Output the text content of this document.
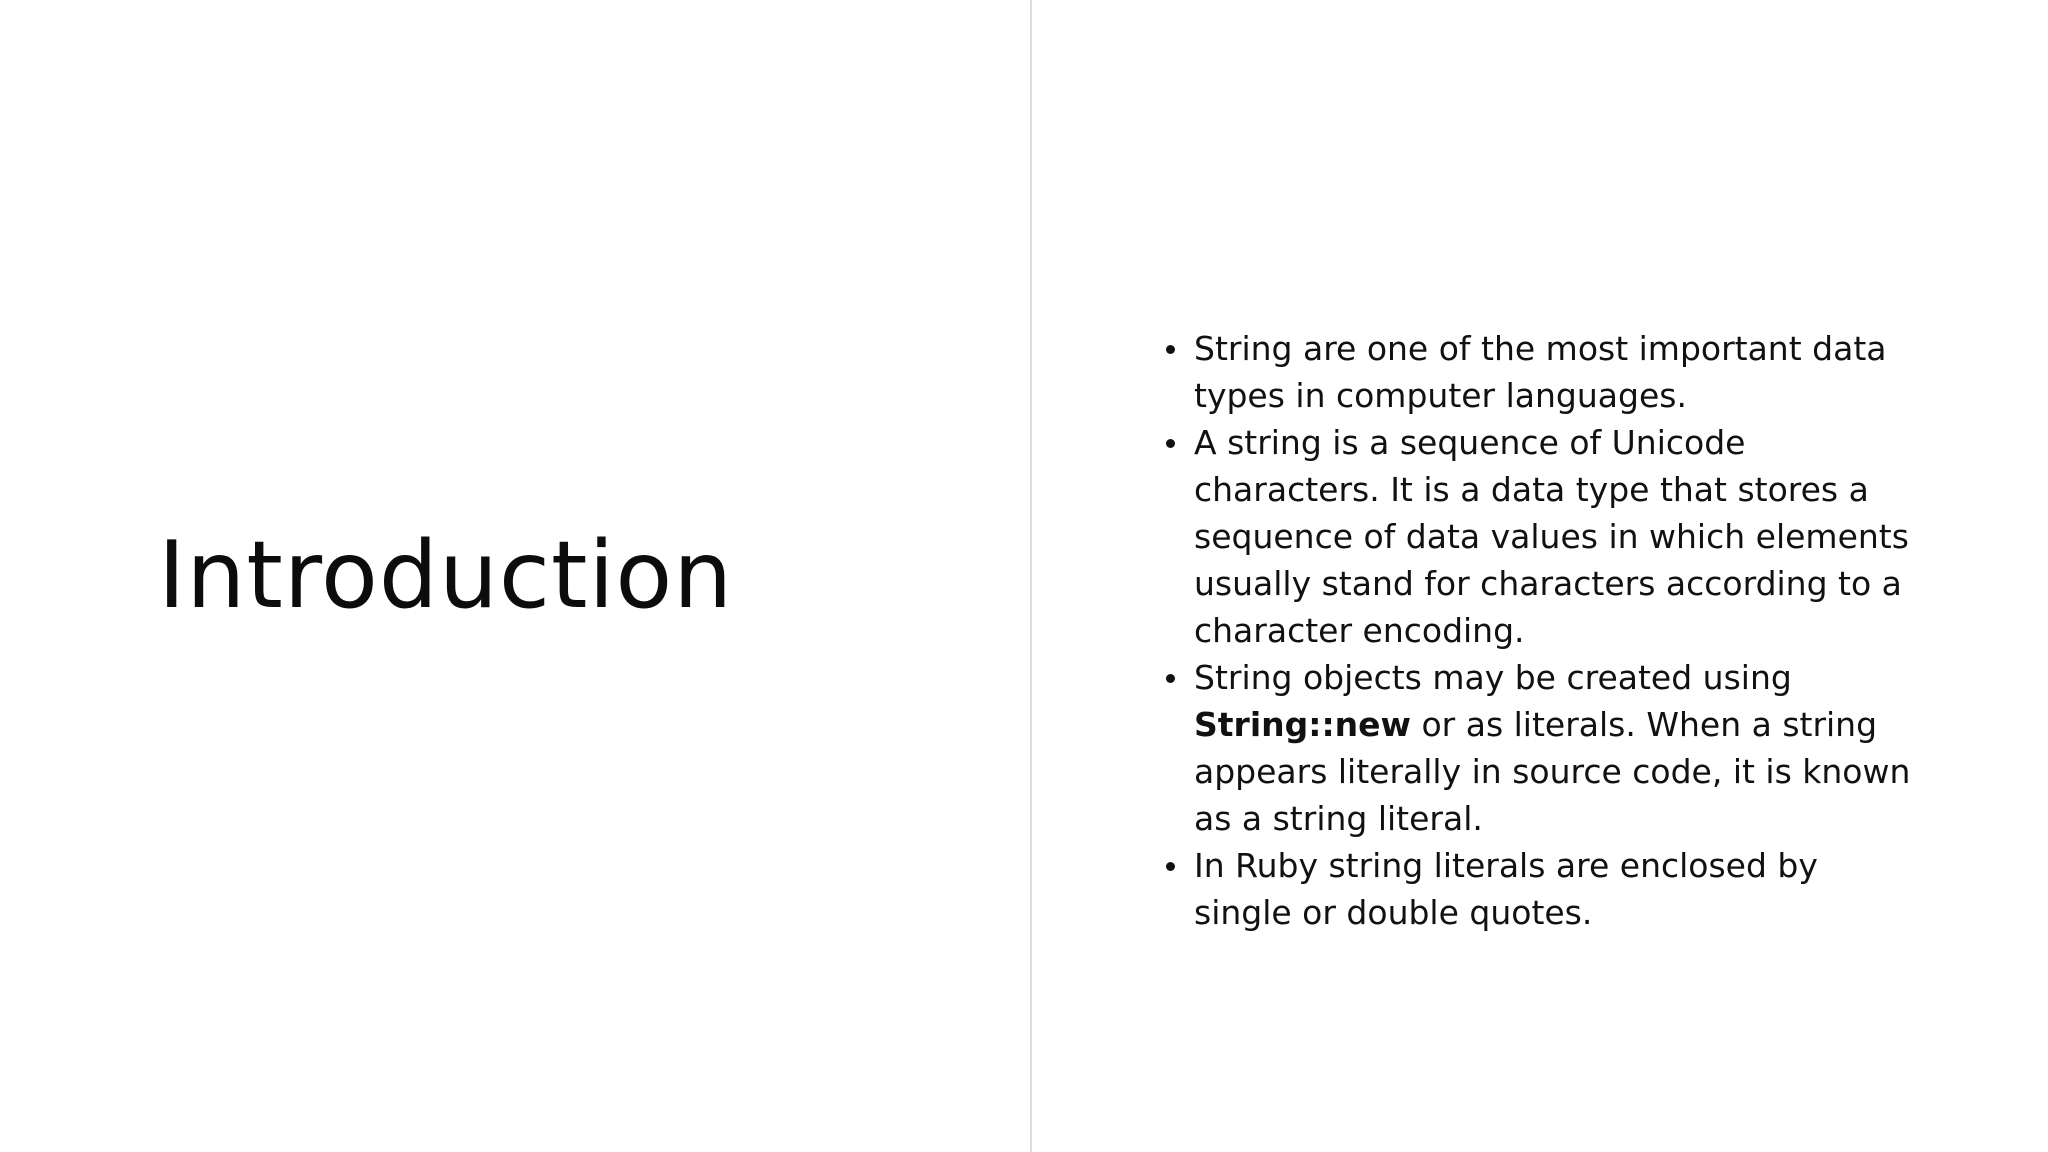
Introduction
String are one of the most important data types in computer languages.
A string is a sequence of Unicode characters. It is a data type that stores a sequence of data values in which elements usually stand for characters according to a character encoding.
String objects may be created using String::new or as literals. When a string appears literally in source code, it is known as a string literal.
In Ruby string literals are enclosed by single or double quotes.
